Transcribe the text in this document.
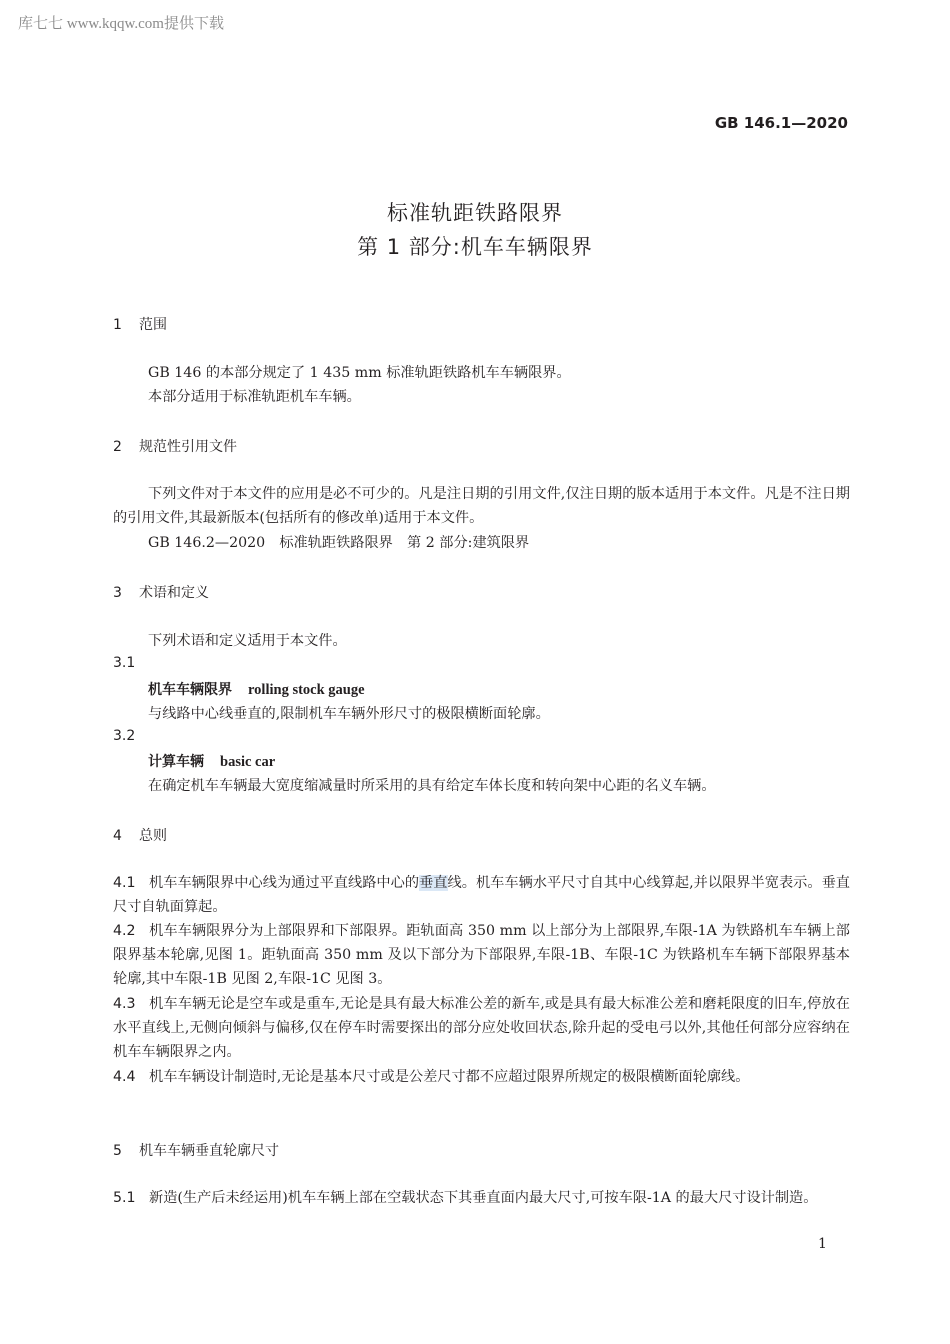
库七七 www.kqqw.com提供下载
GB 146.1—2020
标准轨距铁路限界
第 1 部分:机车车辆限界
1 范围
GB 146 的本部分规定了 1 435 mm 标准轨距铁路机车车辆限界。
本部分适用于标准轨距机车车辆。
2 规范性引用文件
下列文件对于本文件的应用是必不可少的。凡是注日期的引用文件,仅注日期的版本适用于本文件。凡是不注日期的引用文件,其最新版本(包括所有的修改单)适用于本文件。
GB 146.2—2020　标准轨距铁路限界　第 2 部分:建筑限界
3 术语和定义
下列术语和定义适用于本文件。
3.1
机车车辆限界 rolling stock gauge
与线路中心线垂直的,限制机车车辆外形尺寸的极限横断面轮廓。
3.2
计算车辆 basic car
在确定机车车辆最大宽度缩减量时所采用的具有给定车体长度和转向架中心距的名义车辆。
4 总则
4.1 机车车辆限界中心线为通过平直线路中心的垂直线。机车车辆水平尺寸自其中心线算起,并以限界半宽表示。垂直尺寸自轨面算起。
4.2 机车车辆限界分为上部限界和下部限界。距轨面高 350 mm 以上部分为上部限界,车限-1A 为铁路机车车辆上部限界基本轮廓,见图 1。距轨面高 350 mm 及以下部分为下部限界,车限-1B、车限-1C 为铁路机车车辆下部限界基本轮廓,其中车限-1B 见图 2,车限-1C 见图 3。
4.3 机车车辆无论是空车或是重车,无论是具有最大标准公差的新车,或是具有最大标准公差和磨耗限度的旧车,停放在水平直线上,无侧向倾斜与偏移,仅在停车时需要探出的部分应处收回状态,除升起的受电弓以外,其他任何部分应容纳在机车车辆限界之内。
4.4 机车车辆设计制造时,无论是基本尺寸或是公差尺寸都不应超过限界所规定的极限横断面轮廓线。
5 机车车辆垂直轮廓尺寸
5.1 新造(生产后未经运用)机车车辆上部在空载状态下其垂直面内最大尺寸,可按车限-1A 的最大尺寸设计制造。
1
